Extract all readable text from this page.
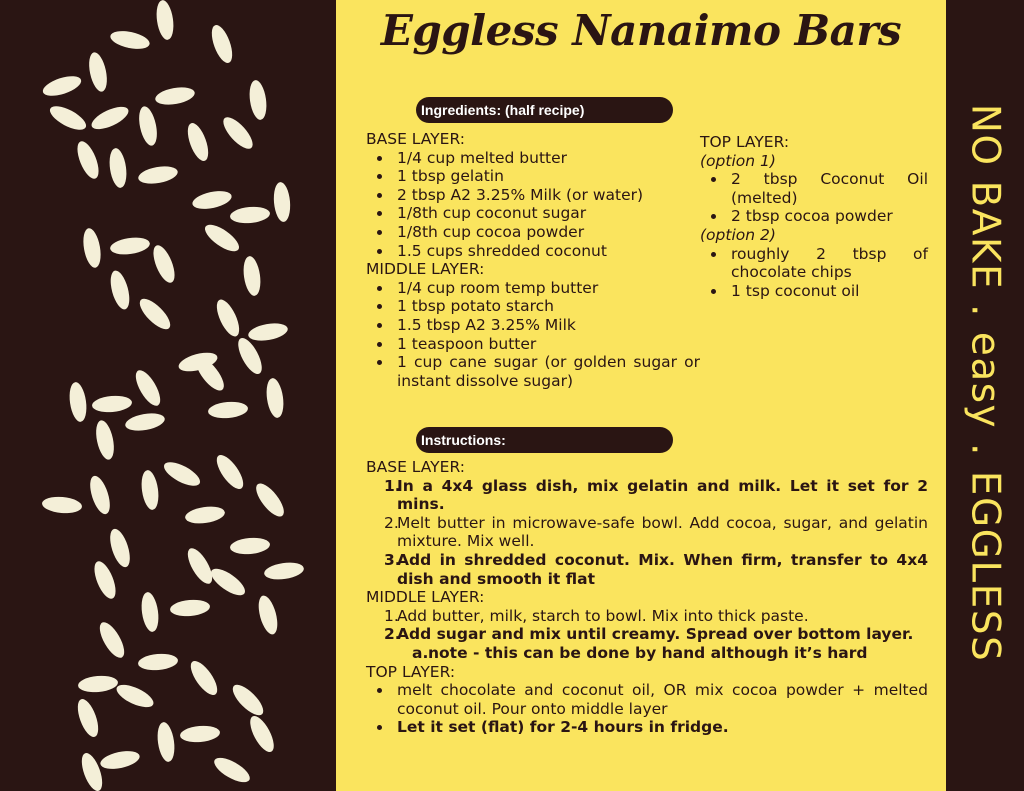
Eggless Nanaimo Bars
Ingredients: (half recipe)
BASE LAYER:
1/4 cup melted butter
1 tbsp gelatin
2 tbsp A2 3.25% Milk (or water)
1/8th cup coconut sugar
1/8th cup cocoa powder
1.5 cups shredded coconut
MIDDLE LAYER:
1/4 cup room temp butter
1 tbsp potato starch
1.5 tbsp A2 3.25% Milk
1 teaspoon butter
1 cup cane sugar (or golden sugar or instant dissolve sugar)
TOP LAYER:
(option 1)
2 tbsp Coconut Oil (melted)
2 tbsp cocoa powder
(option 2)
roughly 2 tbsp of chocolate chips
1 tsp coconut oil
Instructions:
BASE LAYER:
1.
In a 4x4 glass dish, mix gelatin and milk. Let it set for 2 mins.
2.
Melt butter in microwave-safe bowl. Add cocoa, sugar, and gelatin mixture. Mix well.
3.
Add in shredded coconut. Mix. When firm, transfer to 4x4 dish and smooth it flat
MIDDLE LAYER:
1.
Add butter, milk, starch to bowl. Mix into thick paste.
2.
Add sugar and mix until creamy. Spread over bottom layer.
a. note - this can be done by hand although it’s hard
TOP LAYER:
melt chocolate and coconut oil, OR mix cocoa powder + melted coconut oil. Pour onto middle layer
Let it set (flat) for 2-4 hours in fridge.
NO BAKE . easy . EGGLESS
